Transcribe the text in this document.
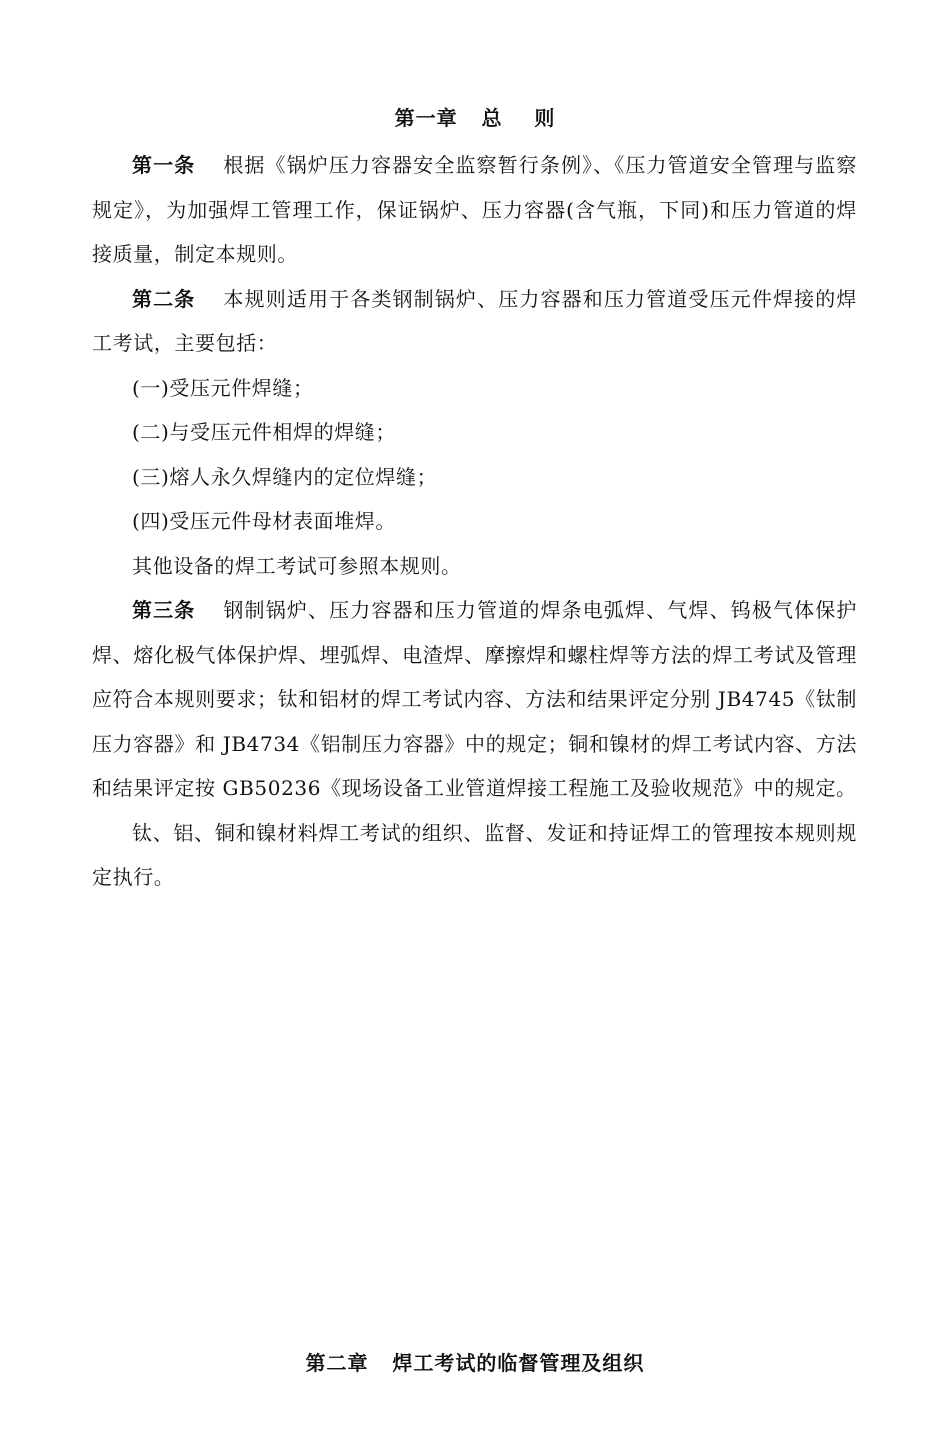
第一章   总    则

第一条 根据《锅炉压力容器安全监察暂行条例》、《压力管道安全管理与监察规定》，为加强焊工管理工作，保证锅炉、压力容器(含气瓶，下同)和压力管道的焊接质量，制定本规则。

第二条 本规则适用于各类钢制锅炉、压力容器和压力管道受压元件焊接的焊工考试，主要包括：

(一)受压元件焊缝；

(二)与受压元件相焊的焊缝；

(三)熔人永久焊缝内的定位焊缝；

(四)受压元件母材表面堆焊。

其他设备的焊工考试可参照本规则。

第三条 钢制锅炉、压力容器和压力管道的焊条电弧焊、气焊、钨极气体保护焊、熔化极气体保护焊、埋弧焊、电渣焊、摩擦焊和螺柱焊等方法的焊工考试及管理应符合本规则要求；钛和铝材的焊工考试内容、方法和结果评定分别 JB4745《钛制压力容器》和 JB4734《铝制压力容器》中的规定；铜和镍材的焊工考试内容、方法和结果评定按 GB50236《现场设备工业管道焊接工程施工及验收规范》中的规定。

钛、铝、铜和镍材料焊工考试的组织、监督、发证和持证焊工的管理按本规则规定执行。

第二章   焊工考试的临督管理及组织
